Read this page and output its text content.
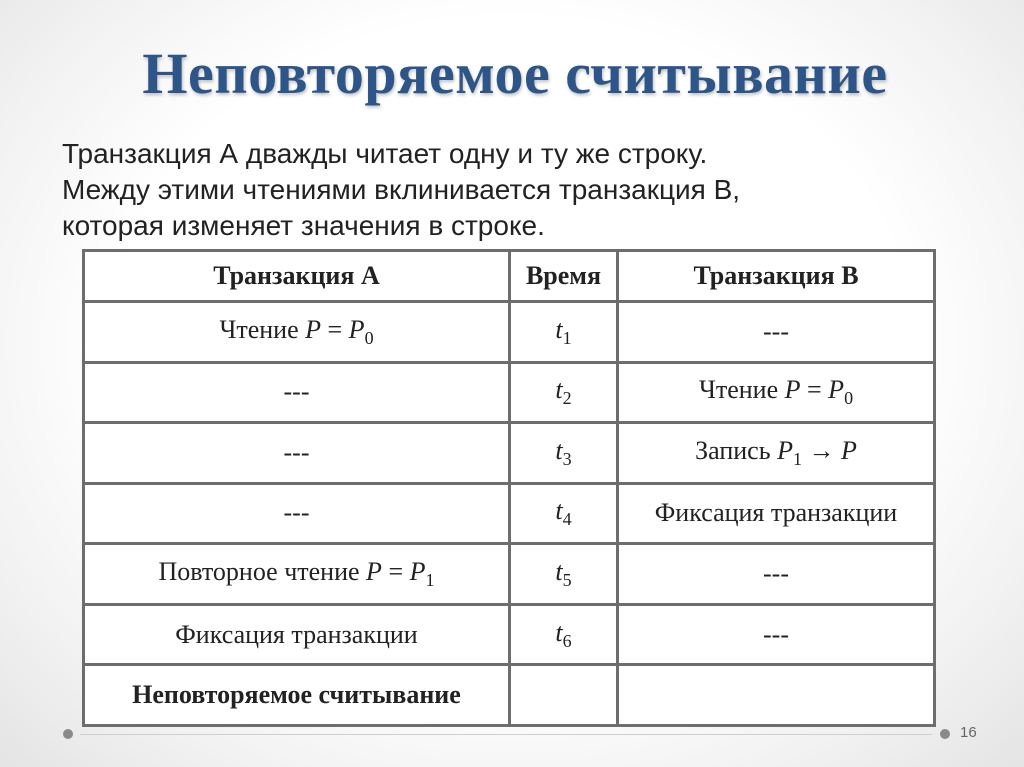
Неповторяемое считывание
Транзакция А дважды читает одну и ту же строку.
Между этими чтениями вклинивается транзакция В,
которая изменяет значения в строке.
Транзакция А	Время	Транзакция В
Чтение $P = P_0$	$t_1$	---
---	$t_2$	Чтение $P = P_0$
---	$t_3$	Запись $P_1 \to P$
---	$t_4$	Фиксация транзакции
Повторное чтение $P = P_1$	$t_5$	---
Фиксация транзакции	$t_6$	---
Неповторяемое считывание		
16
